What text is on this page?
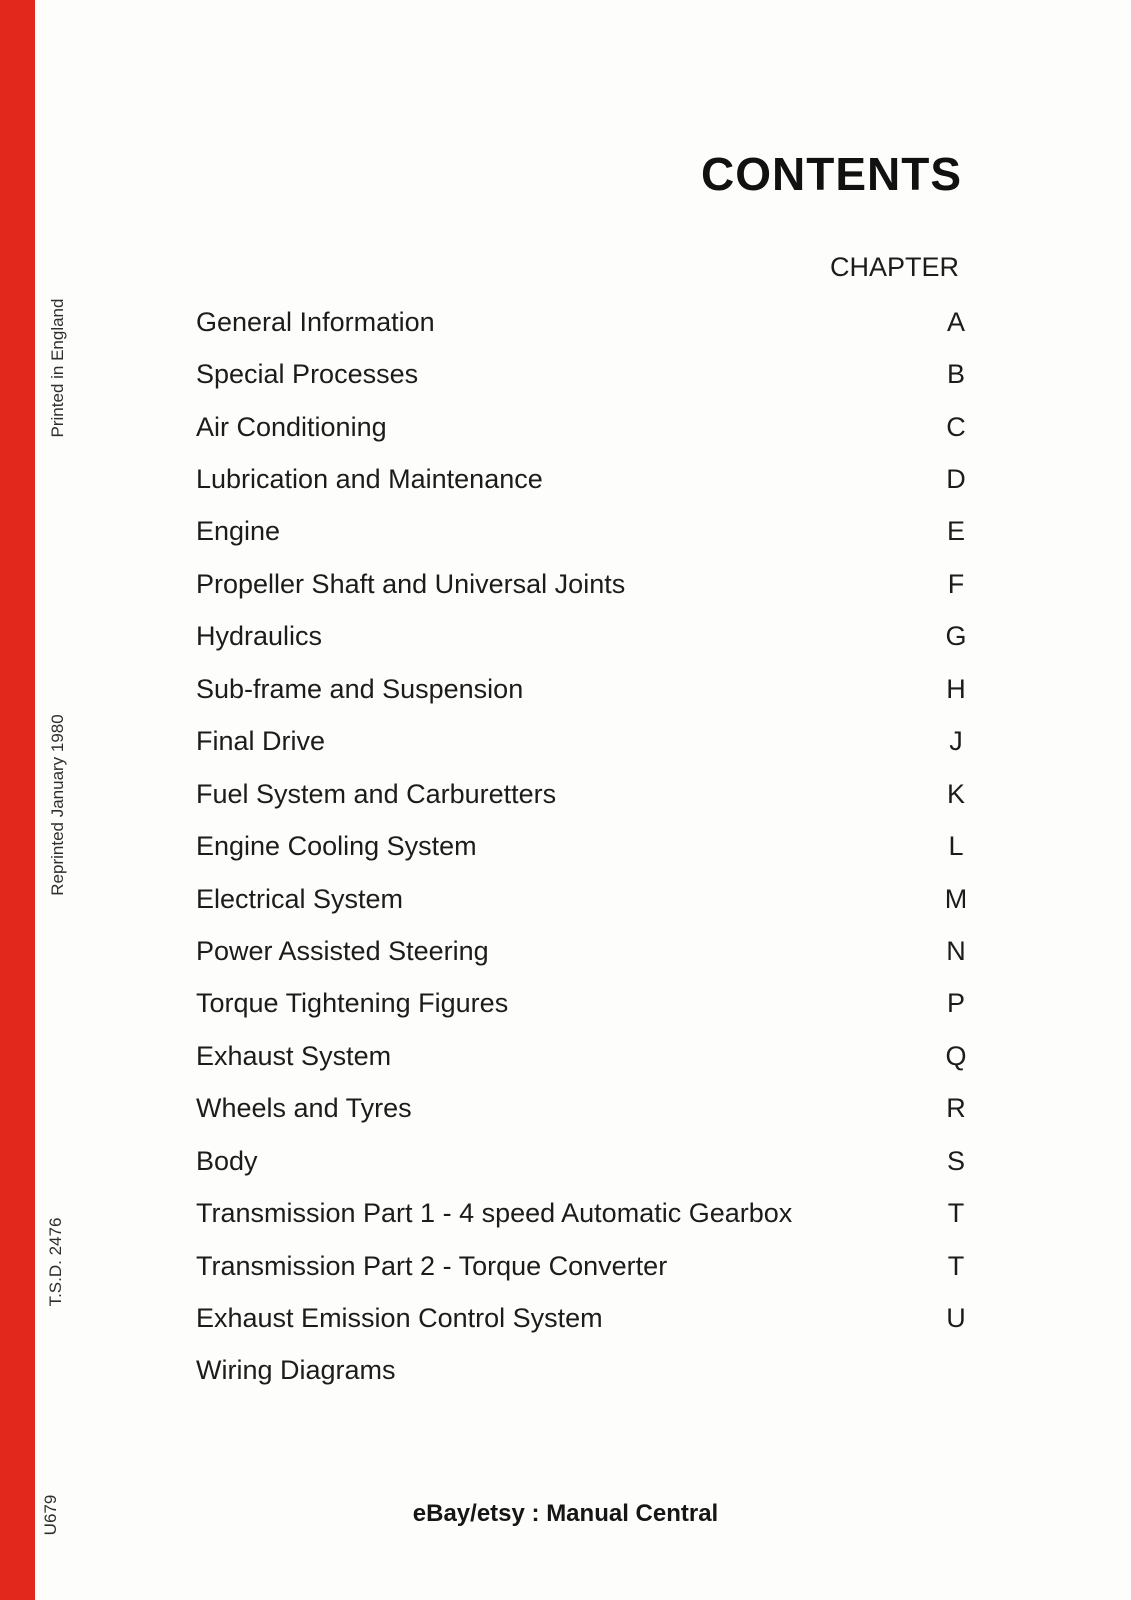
Printed in England
Reprinted January 1980
T.S.D. 2476
U679
CONTENTS
CHAPTER
General Information	A
Special Processes	B
Air Conditioning	C
Lubrication and Maintenance	D
Engine	E
Propeller Shaft and Universal Joints	F
Hydraulics	G
Sub-frame and Suspension	H
Final Drive	J
Fuel System and Carburetters	K
Engine Cooling System	L
Electrical System	M
Power Assisted Steering	N
Torque Tightening Figures	P
Exhaust System	Q
Wheels and Tyres	R
Body	S
Transmission Part 1 - 4 speed Automatic Gearbox	T
Transmission Part 2 - Torque Converter	T
Exhaust Emission Control System	U
Wiring Diagrams
eBay/etsy : Manual Central
